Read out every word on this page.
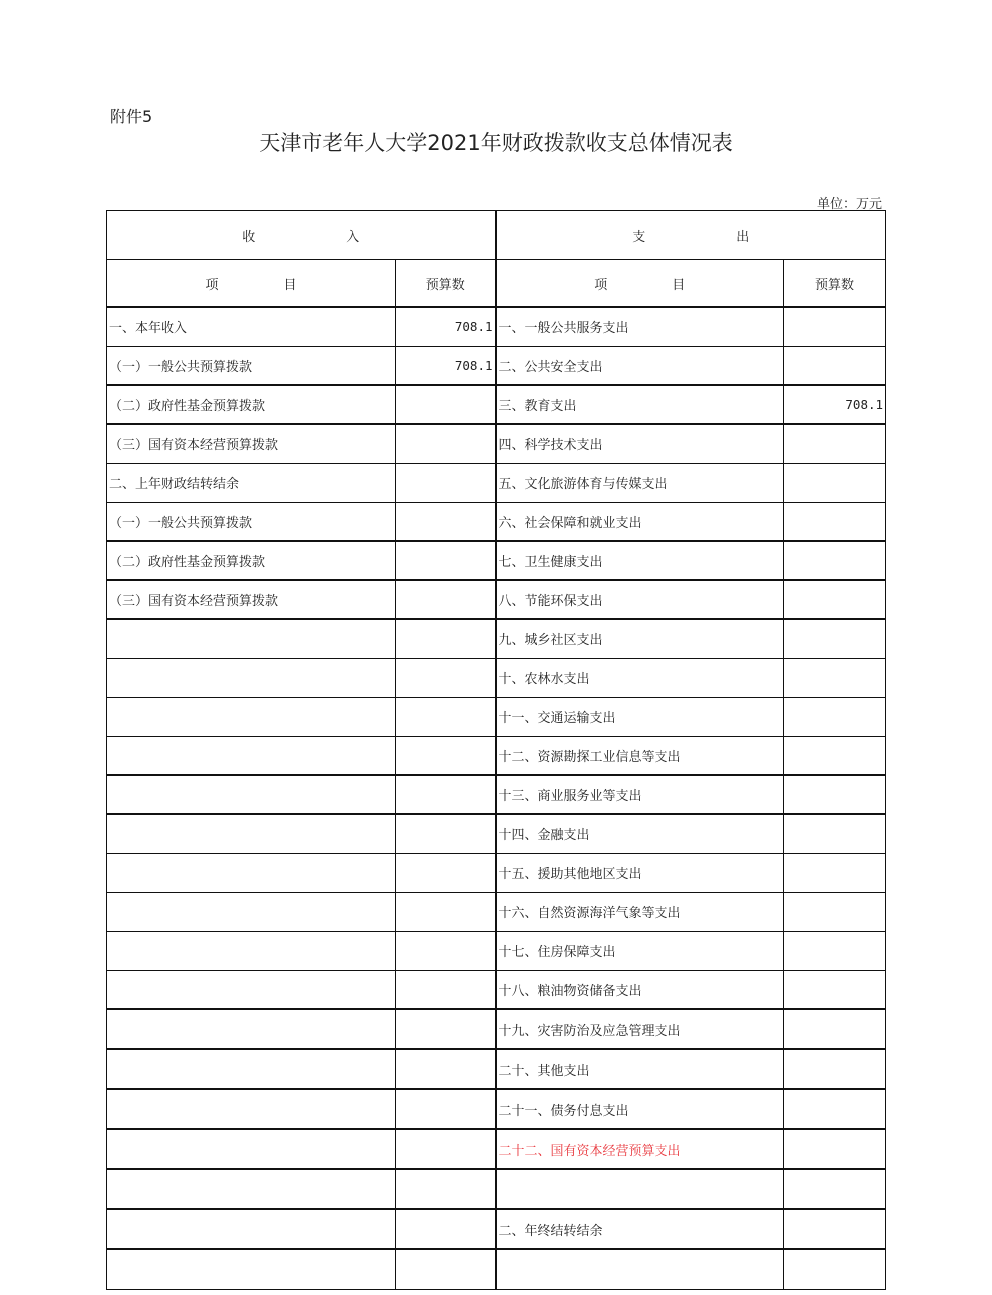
附件5
天津市老年人大学2021年财政拨款收支总体情况表
单位：万元
收　　　　　　　入		支　　　　　　　出	
项　　　　　目	预算数	项　　　　　目	预算数
一、本年收入	708.1	一、一般公共服务支出	
（一）一般公共预算拨款	708.1	二、公共安全支出	
（二）政府性基金预算拨款		三、教育支出	708.1
（三）国有资本经营预算拨款		四、科学技术支出	
二、上年财政结转结余		五、文化旅游体育与传媒支出	
（一）一般公共预算拨款		六、社会保障和就业支出	
（二）政府性基金预算拨款		七、卫生健康支出	
（三）国有资本经营预算拨款		八、节能环保支出	
		九、城乡社区支出	
		十、农林水支出	
		十一、交通运输支出	
		十二、资源勘探工业信息等支出	
		十三、商业服务业等支出	
		十四、金融支出	
		十五、援助其他地区支出	
		十六、自然资源海洋气象等支出	
		十七、住房保障支出	
		十八、粮油物资储备支出	
		十九、灾害防治及应急管理支出	
		二十、其他支出	
		二十一、债务付息支出	
		二十二、国有资本经营预算支出	

		二、年终结转结余	
